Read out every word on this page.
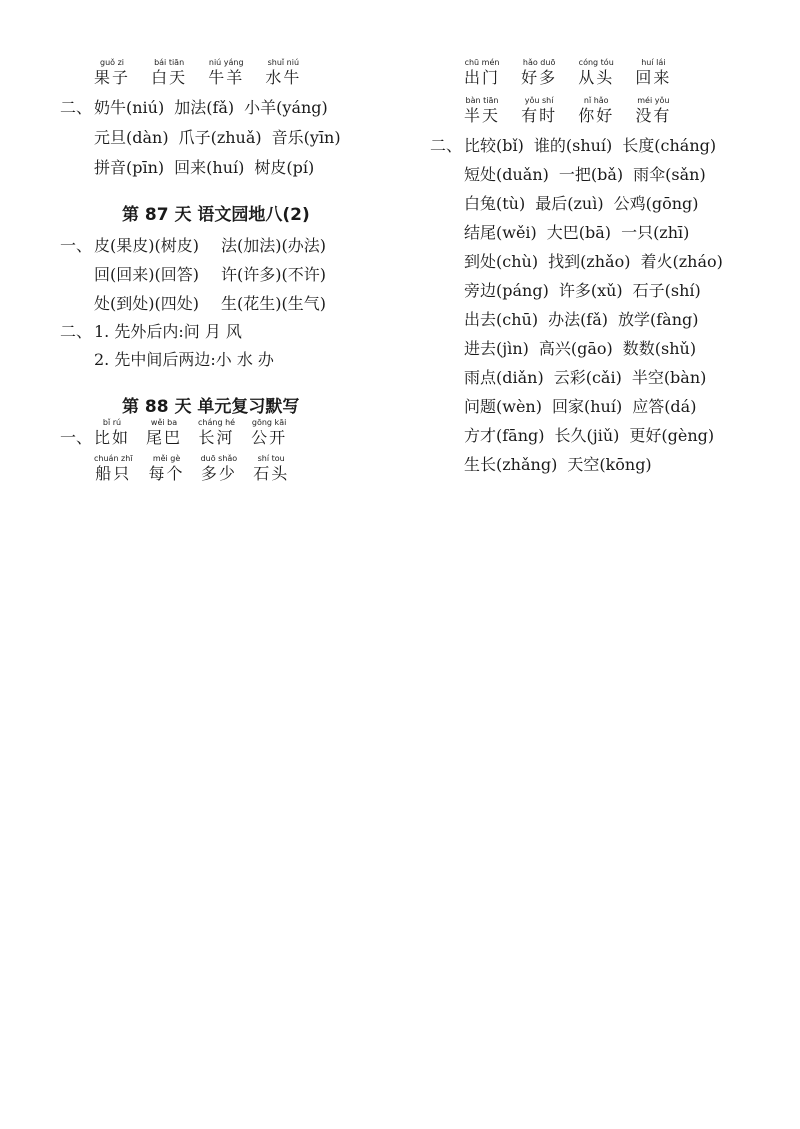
guǒ zi
果子

bái tiān
白天

niú yáng
牛羊

shuǐ niú
水牛
二、 奶牛(niú) 加法(fǎ) 小羊(yáng)
元旦(dàn) 爪子(zhuǎ) 音乐(yīn)
拼音(pīn) 回来(huí) 树皮(pí)
第 87 天 语文园地八(2)
一、 皮(果皮)(树皮) 法(加法)(办法)
回(回来)(回答) 许(许多)(不许)
处(到处)(四处) 生(花生)(生气)
二、 1. 先外后内:问 月 风
2. 先中间后两边:小 水 办
第 88 天 单元复习默写
一、
bǐ rú
比如
wěi ba
尾巴
cháng hé
长河
gōng kāi
公开
chuán zhī
船只
měi gè
每个
duō shǎo
多少
shí tou
石头
chū mén
出门

hǎo duō
好多

cóng tóu
从头

huí lái
回来
bàn tiān
半天

yǒu shí
有时

nǐ hǎo
你好

méi yǒu
没有
二、 比较(bǐ) 谁的(shuí) 长度(cháng)
短处(duǎn) 一把(bǎ) 雨伞(sǎn)
白兔(tù) 最后(zuì) 公鸡(gōng)
结尾(wěi) 大巴(bā) 一只(zhī)
到处(chù) 找到(zhǎo) 着火(zháo)
旁边(páng) 许多(xǔ) 石子(shí)
出去(chū) 办法(fǎ) 放学(fàng)
进去(jìn) 高兴(gāo) 数数(shǔ)
雨点(diǎn) 云彩(cǎi) 半空(bàn)
问题(wèn) 回家(huí) 应答(dá)
方才(fāng) 长久(jiǔ) 更好(gèng)
生长(zhǎng) 天空(kōng)
